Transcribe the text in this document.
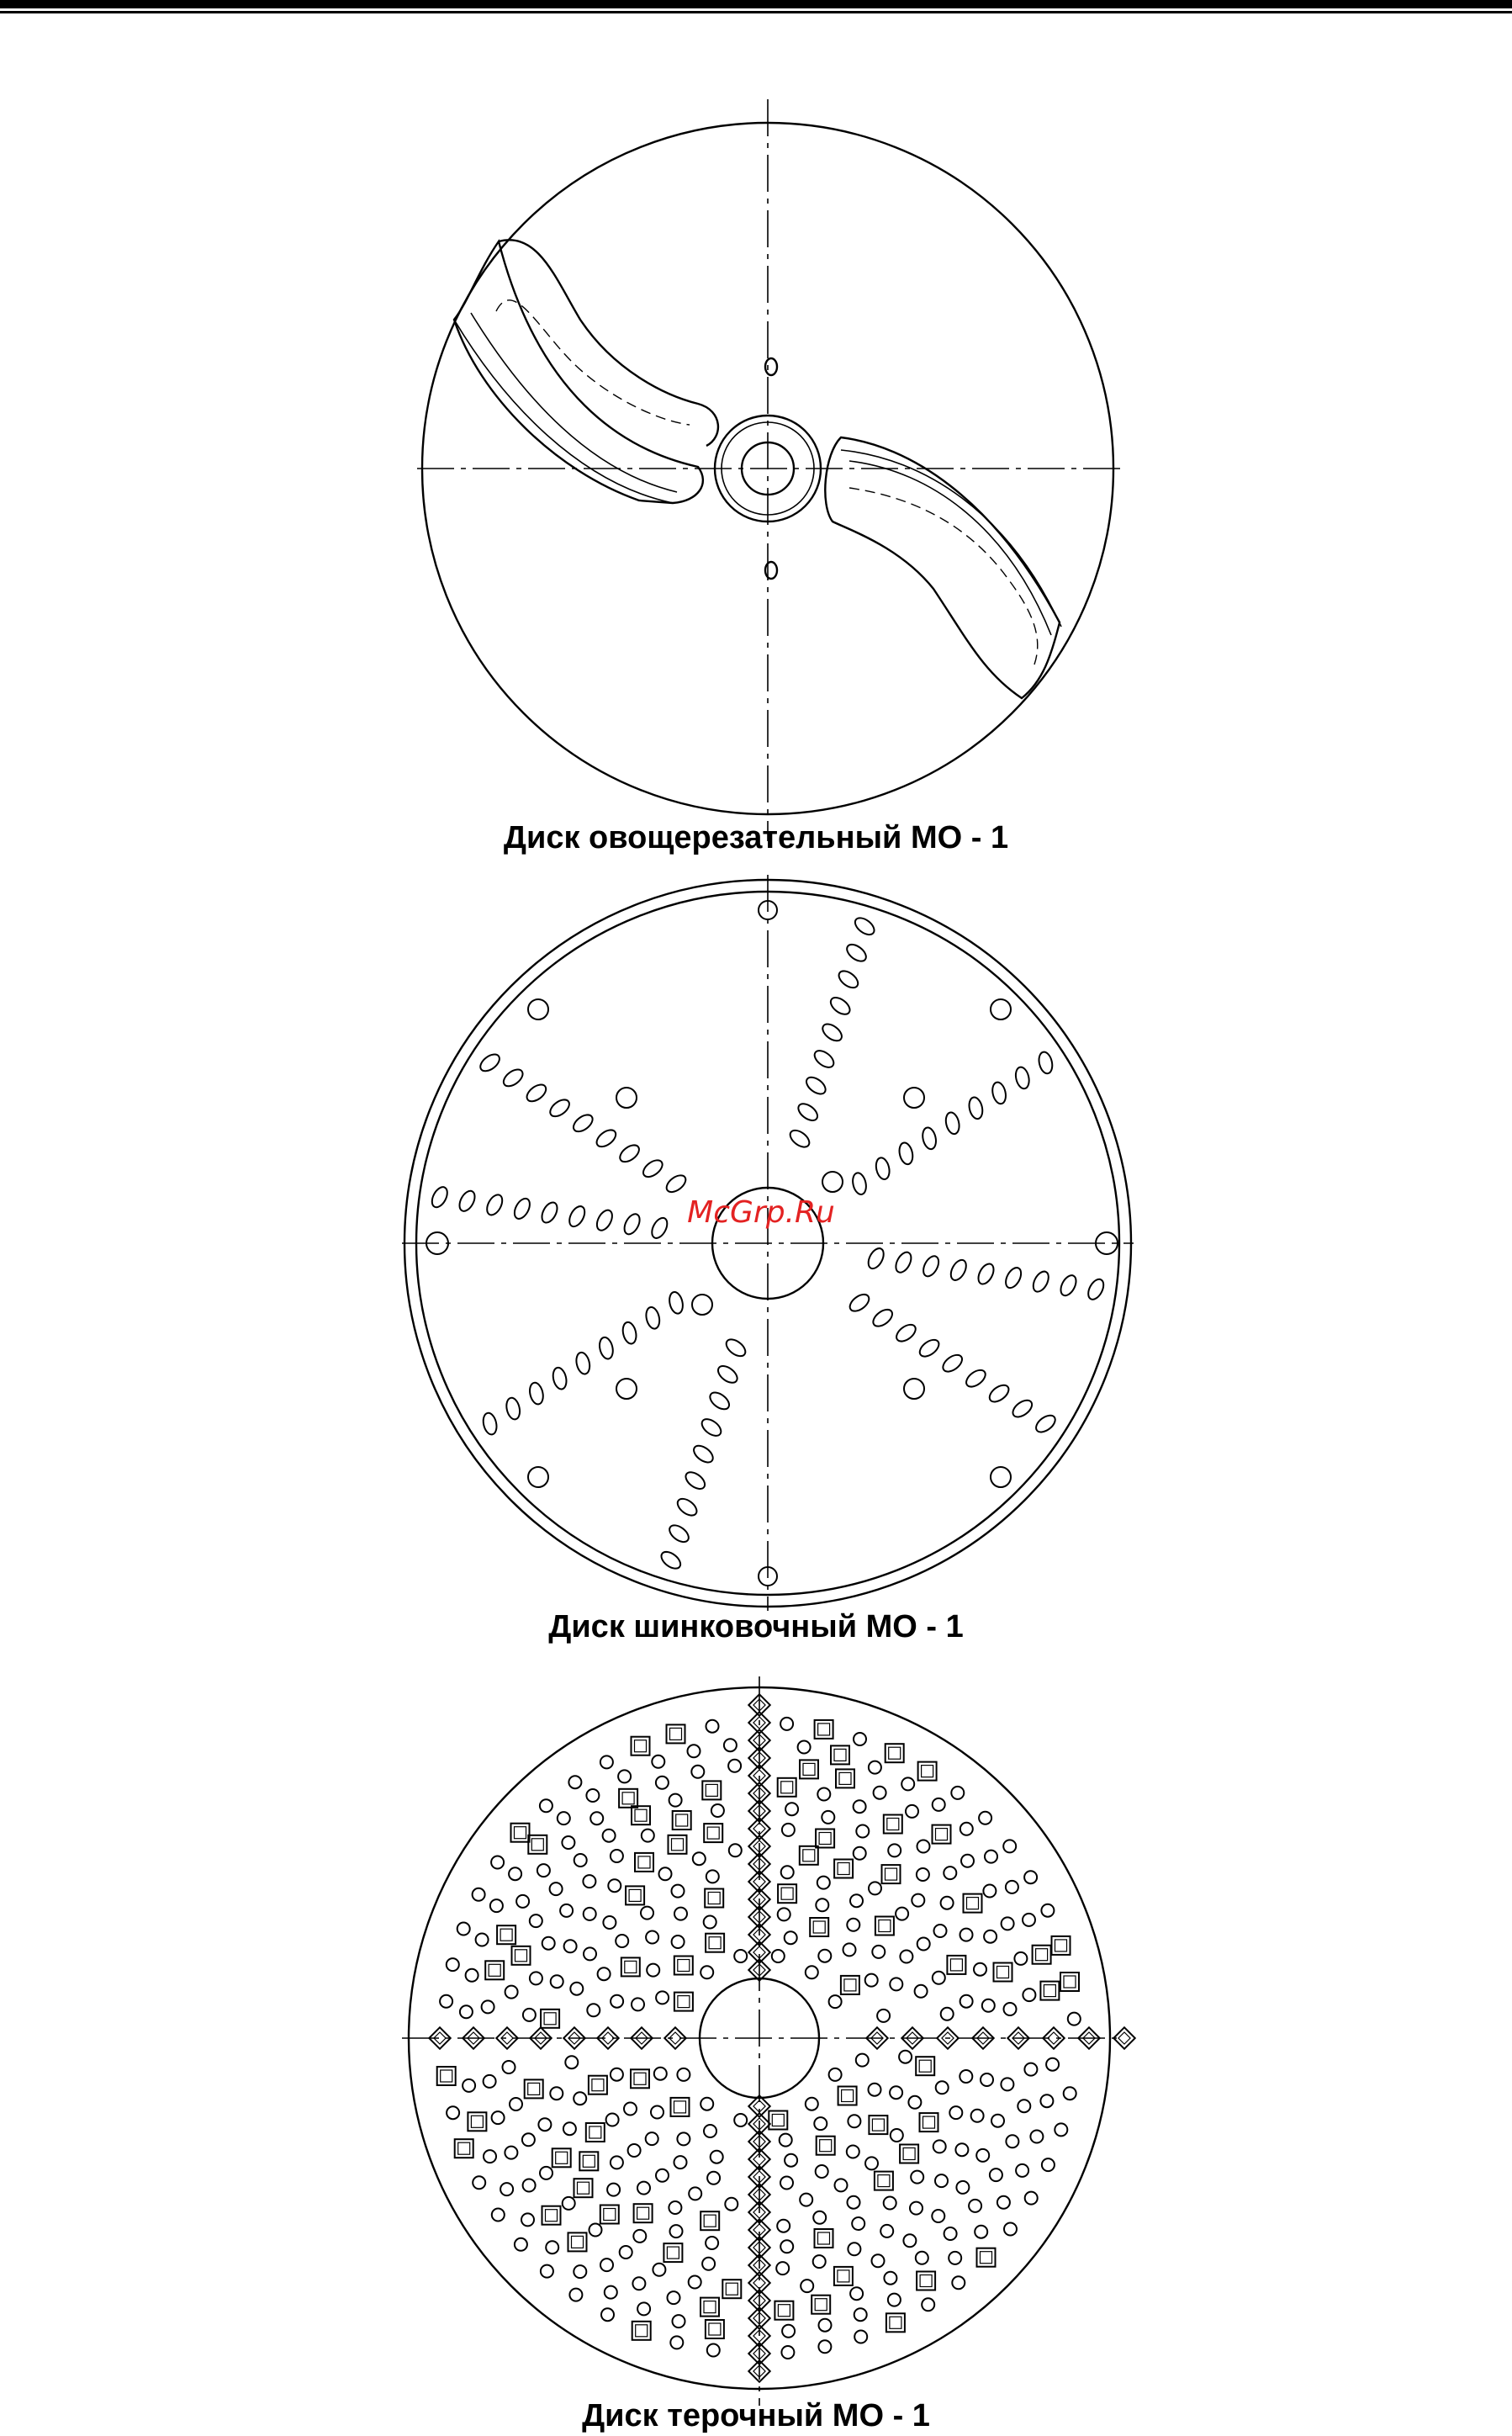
Диск овощерезательный МО - 1
Диск шинковочный МО - 1
Диск терочный МО - 1
McGrp.Ru
